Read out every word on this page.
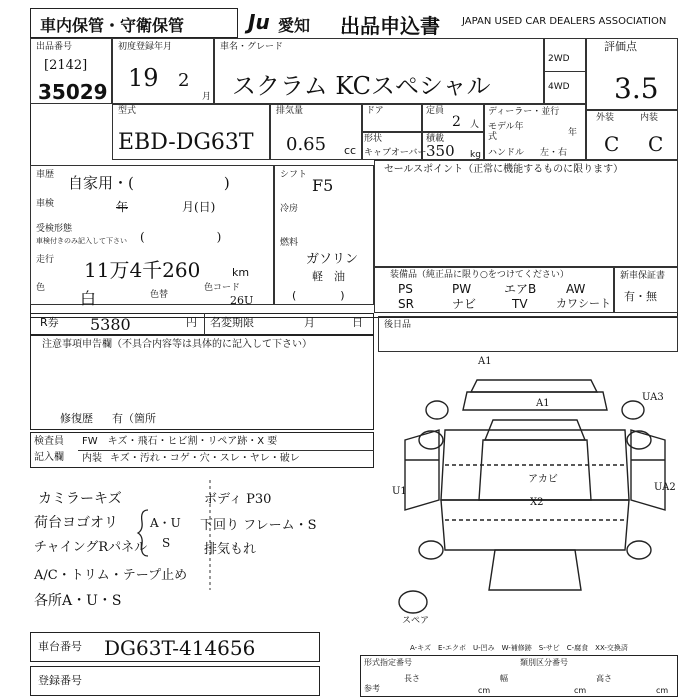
車内保管・守衛保管	Ju 愛知 出品申込書 JAPAN USED CAR DEALERS ASSOCIATION
出品番号
[2142]
35029
初度登録年月
19 2
月
車名・グレード
スクラム KCスペシャル
2WD
4WD
評価点
3.5
型式
EBD-DG63T
排気量
0.65 cc
ドア
形状
キャブオーバー
定員
2 人
積載
350 kg
ディーラー・並行
モデル年式	年
ハンドル 左・右
外装	内装
C C
車歴 自家用・(　　　　　　)
車検	年	月(日)
受検形態
車検付きのみ記入して下さい (　　　　　　)
走行 11万4千260	km
色
白	色替
色コード
26U
シフト
F5
冷房
燃料
ガソリン
軽　油
(　　　　)
セールスポイント（正常に機能するものに限ります）
装備品（純正品に限り○をつけてください）
PS	PW	エアB AW
SR	ナビ	TV	カワシート
新車保証書
有・無
R券 5380	円 名変期限	月	日 後日品
注意事項申告欄（不具合内容等は具体的に記入して下さい）
修復歴 有（箇所
検査員
記入欄
FW　キズ・飛石・ヒビ割・リペア跡・X 要
内装 キズ・汚れ・コゲ・穴・スレ・ヤレ・破レ
カミラーキズ
荷台ヨゴオリ
チャイングRパネル
A/C・トリム・テープ止め
各所A・U・S
A・U
S
ボディ P30
下回り フレーム・S
排気もれ
A1
A1
UA3
U1	UA2
アカビ
X2
スペア
A-キズ　E-エクボ　U-凹み　W-補修跡　S-サビ　C-腐食　XX-交換済
車台番号 DG63T-414656
登録番号
形式指定番号	類別区分番号
参考
長さ
cm
幅
cm
高さ
cm
